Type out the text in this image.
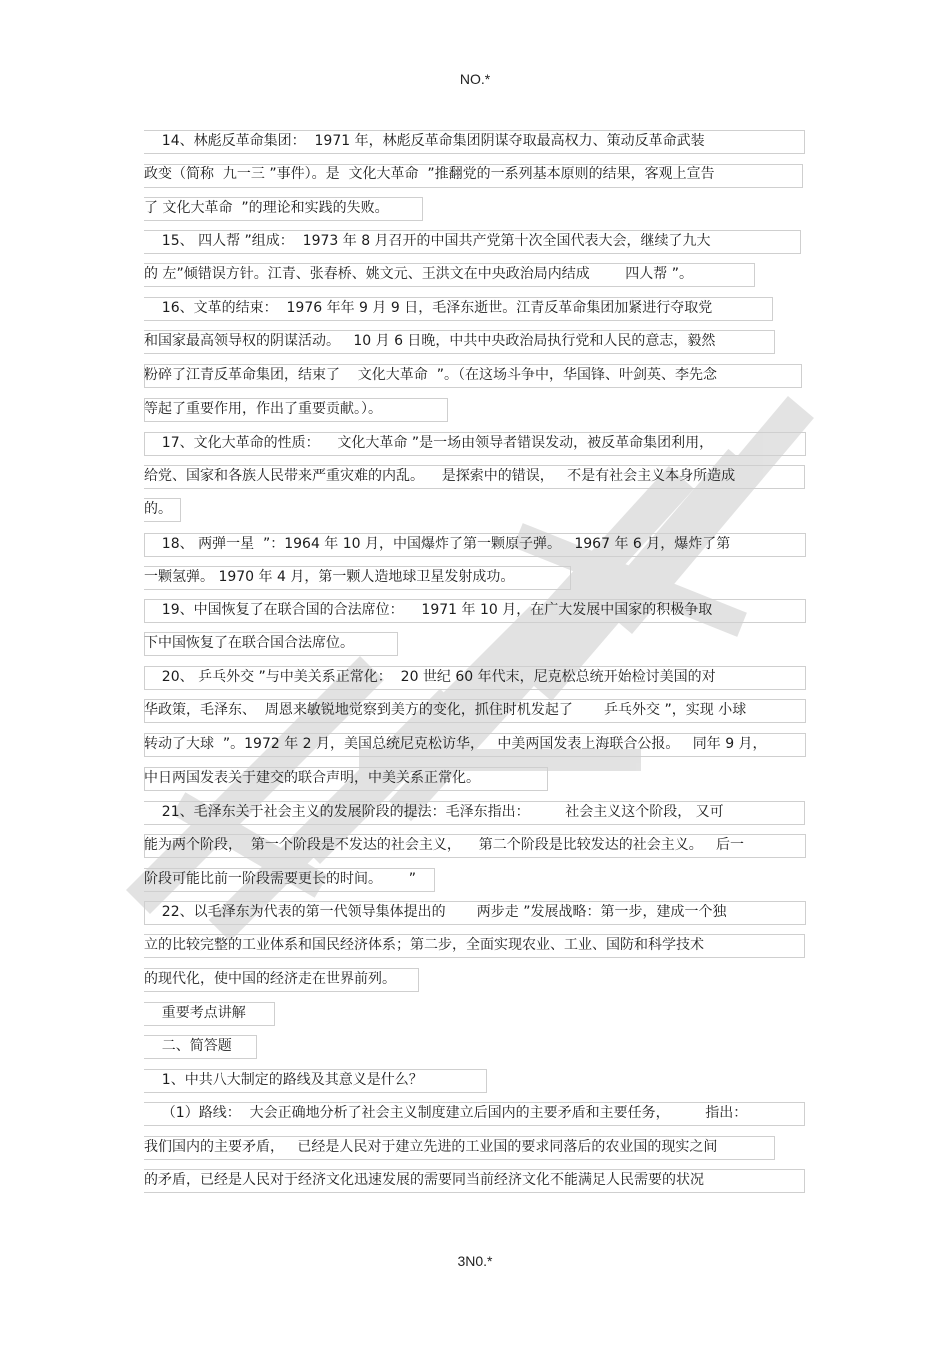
NO.*
14、林彪反革命集团：  1971 年，林彪反革命集团阴谋夺取最高权力、策动反革命武装
政变（简称  九一三 ”事件）。是  文化大革命  ”推翻党的一系列基本原则的结果，客观上宣告
了 文化大革命  ”的理论和实践的失败。
15、 四人帮 ”组成：  1973 年 8 月召开的中国共产党第十次全国代表大会，继续了九大
的 左”倾错误方针。江青、张春桥、姚文元、王洪文在中央政治局内结成        四人帮 ”。
16、文革的结束：  1976 年年 9 月 9 日，毛泽东逝世。江青反革命集团加紧进行夺取党
和国家最高领导权的阴谋活动。   10 月 6 日晚，中共中央政治局执行党和人民的意志，毅然
粉碎了江青反革命集团，结束了    文化大革命  ”。（在这场斗争中，华国锋、叶剑英、李先念
等起了重要作用，作出了重要贡献。）。
17、文化大革命的性质：    文化大革命 ”是一场由领导者错误发动，被反革命集团利用，
给党、国家和各族人民带来严重灾难的内乱。    是探索中的错误，   不是有社会主义本身所造成
的。
18、 两弹一星  ”：1964 年 10 月，中国爆炸了第一颗原子弹。   1967 年 6 月，爆炸了第
一颗氢弹。 1970 年 4 月，第一颗人造地球卫星发射成功。
19、中国恢复了在联合国的合法席位：    1971 年 10 月，在广大发展中国家的积极争取
下中国恢复了在联合国合法席位。
20、 乒乓外交 ”与中美关系正常化：  20 世纪 60 年代末，尼克松总统开始检讨美国的对
华政策，毛泽东、  周恩来敏锐地觉察到美方的变化，抓住时机发起了       乒乓外交 ”，实现 小球
转动了大球  ”。1972 年 2 月，美国总统尼克松访华，   中美两国发表上海联合公报。   同年 9 月，
中日两国发表关于建交的联合声明，中美关系正常化。
21、毛泽东关于社会主义的发展阶段的提法：毛泽东指出：        社会主义这个阶段， 又可
能为两个阶段，  第一个阶段是不发达的社会主义，    第二个阶段是比较发达的社会主义。   后一
阶段可能比前一阶段需要更长的时间。      ”
22、以毛泽东为代表的第一代领导集体提出的       两步走 ”发展战略：第一步，建成一个独
立的比较完整的工业体系和国民经济体系；第二步，全面实现农业、工业、国防和科学技术
的现代化，使中国的经济走在世界前列。
重要考点讲解
二、简答题
1、中共八大制定的路线及其意义是什么？
（1）路线：  大会正确地分析了社会主义制度建立后国内的主要矛盾和主要任务，        指出：
我们国内的主要矛盾，   已经是人民对于建立先进的工业国的要求同落后的农业国的现实之间
的矛盾，已经是人民对于经济文化迅速发展的需要同当前经济文化不能满足人民需要的状况
3N0.*
